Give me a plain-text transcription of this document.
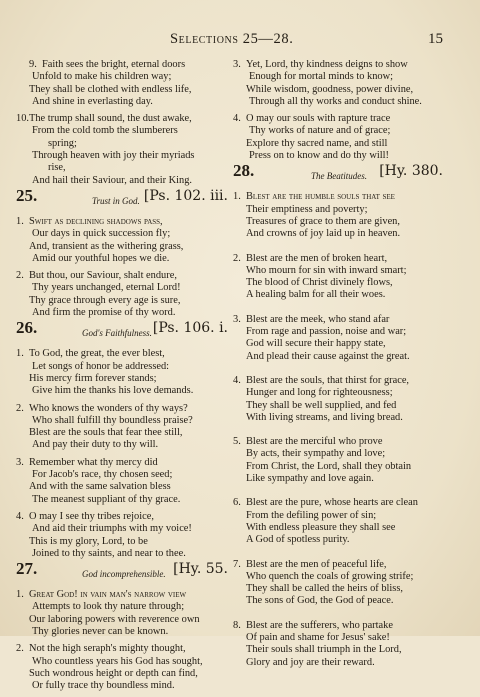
Selections 25—28.	15
9. Faith sees the bright, eternal doors
Unfold to make his children way;
They shall be clothed with endless life,
And shine in everlasting day.
10.The trump shall sound, the dust awake,
From the cold tomb the slumberers
spring;
Through heaven with joy their myriads
rise,
And hail their Saviour, and their King.
25.	Trust in God. [Ps. 102. iii.
1. Swift as declining shadows pass,
Our days in quick succession fly;
And, transient as the withering grass,
Amid our youthful hopes we die.
2. But thou, our Saviour, shalt endure,
Thy years unchanged, eternal Lord!
Thy grace through every age is sure,
And firm the promise of thy word.
26.	God's Faithfulness. [Ps. 106. i.
1. To God, the great, the ever blest,
Let songs of honor be addressed:
His mercy firm forever stands;
Give him the thanks his love demands.
2. Who knows the wonders of thy ways?
Who shall fulfill thy boundless praise?
Blest are the souls that fear thee still,
And pay their duty to thy will.
3. Remember what thy mercy did
For Jacob's race, thy chosen seed;
And with the same salvation bless
The meanest suppliant of thy grace.
4. O may I see thy tribes rejoice,
And aid their triumphs with my voice!
This is my glory, Lord, to be
Joined to thy saints, and near to thee.
27.	God incomprehensible. [Hy. 55.
1. Great God! in vain man's narrow view
Attempts to look thy nature through;
Our laboring powers with reverence own
Thy glories never can be known.
2. Not the high seraph's mighty thought,
Who countless years his God has sought,
Such wondrous height or depth can find,
Or fully trace thy boundless mind.
3. Yet, Lord, thy kindness deigns to show
Enough for mortal minds to know;
While wisdom, goodness, power divine,
Through all thy works and conduct shine.
4. O may our souls with rapture trace
Thy works of nature and of grace;
Explore thy sacred name, and still
Press on to know and do thy will!
28.	The Beatitudes. [Hy. 380.
1. Blest are the humble souls that see
Their emptiness and poverty;
Treasures of grace to them are given,
And crowns of joy laid up in heaven.
2. Blest are the men of broken heart,
Who mourn for sin with inward smart;
The blood of Christ divinely flows,
A healing balm for all their woes.
3. Blest are the meek, who stand afar
From rage and passion, noise and war;
God will secure their happy state,
And plead their cause against the great.
4. Blest are the souls, that thirst for grace,
Hunger and long for righteousness;
They shall be well supplied, and fed
With living streams, and living bread.
5. Blest are the merciful who prove
By acts, their sympathy and love;
From Christ, the Lord, shall they obtain
Like sympathy and love again.
6. Blest are the pure, whose hearts are clean
From the defiling power of sin;
With endless pleasure they shall see
A God of spotless purity.
7. Blest are the men of peaceful life,
Who quench the coals of growing strife;
They shall be called the heirs of bliss,
The sons of God, the God of peace.
8. Blest are the sufferers, who partake
Of pain and shame for Jesus' sake!
Their souls shall triumph in the Lord,
Glory and joy are their reward.
